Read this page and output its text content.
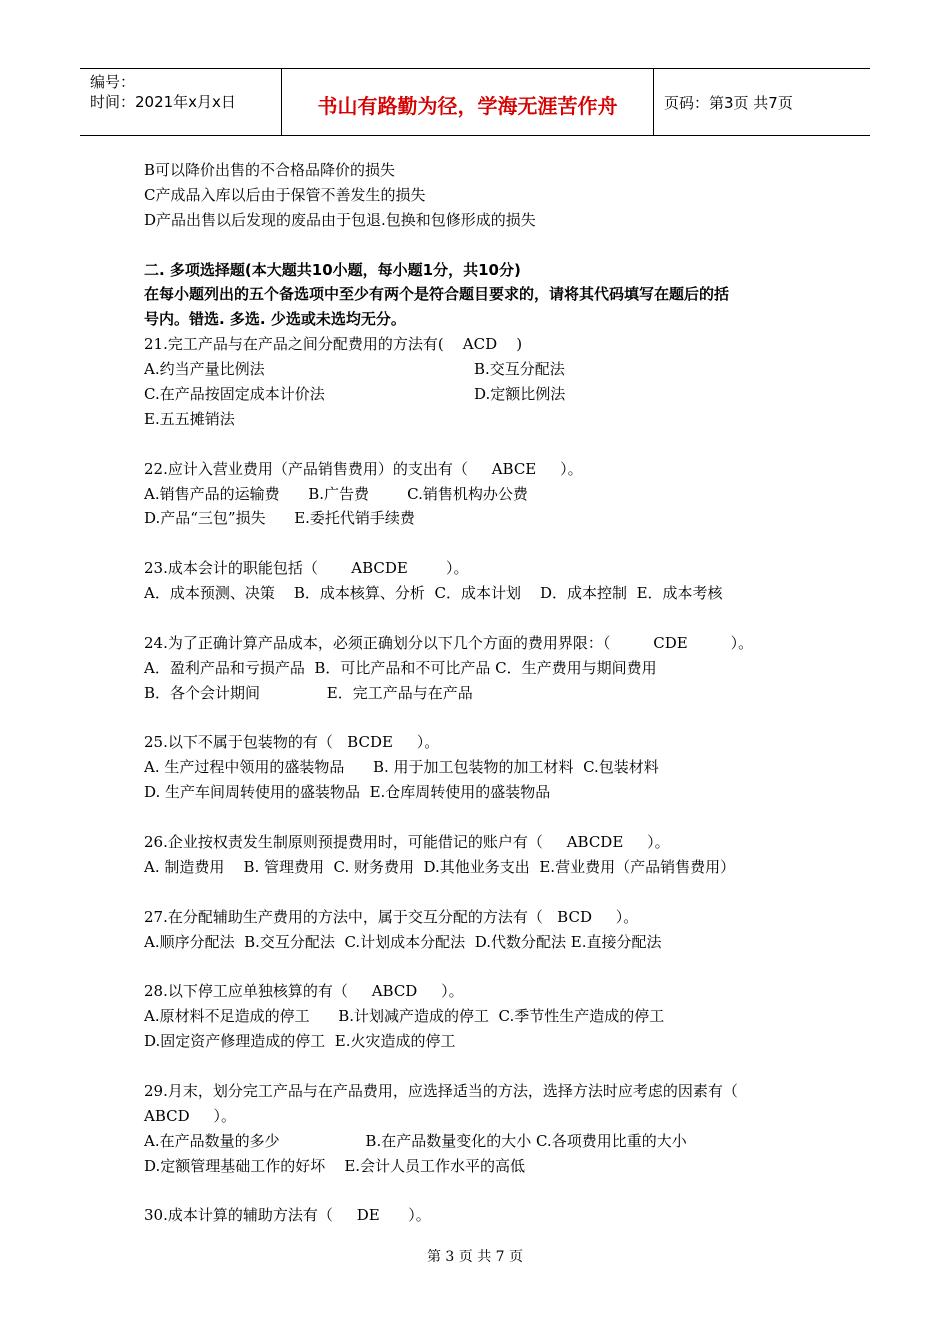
编号：
时间：2021年x月x日	书山有路勤为径，学海无涯苦作舟	页码：第3页 共7页
B可以降价出售的不合格品降价的损失
C产成品入库以后由于保管不善发生的损失
D产品出售以后发现的废品由于包退.包换和包修形成的损失
二. 多项选择题(本大题共10小题，每小题1分，共10分)
在每小题列出的五个备选项中至少有两个是符合题目要求的，请将其代码填写在题后的括
号内。错选. 多选. 少选或未选均无分。
21.完工产品与在产品之间分配费用的方法有(    ACD    )
A.约当产量比例法	B.交互分配法
C.在产品按固定成本计价法	D.定额比例法
E.五五摊销法
22.应计入营业费用（产品销售费用）的支出有（     ABCE     ）。
A.销售产品的运输费      B.广告费        C.销售机构办公费
D.产品“三包”损失      E.委托代销手续费
23.成本会计的职能包括（       ABCDE        ）。
A．成本预测、决策    B．成本核算、分析  C．成本计划    D．成本控制  E．成本考核
24.为了正确计算产品成本，必须正确划分以下几个方面的费用界限：（         CDE         ）。
A．盈利产品和亏损产品  B．可比产品和不可比产品 C．生产费用与期间费用
B．各个会计期间              E．完工产品与在产品
25.以下不属于包装物的有（   BCDE     ）。
A. 生产过程中领用的盛装物品      B. 用于加工包装物的加工材料  C.包装材料
D. 生产车间周转使用的盛装物品  E.仓库周转使用的盛装物品
26.企业按权责发生制原则预提费用时，可能借记的账户有（     ABCDE     ）。
A. 制造费用    B. 管理费用  C. 财务费用  D.其他业务支出  E.营业费用（产品销售费用）
27.在分配辅助生产费用的方法中，属于交互分配的方法有（   BCD     ）。
A.顺序分配法  B.交互分配法  C.计划成本分配法  D.代数分配法 E.直接分配法
28.以下停工应单独核算的有（     ABCD     ）。
A.原材料不足造成的停工      B.计划减产造成的停工  C.季节性生产造成的停工
D.固定资产修理造成的停工  E.火灾造成的停工
29.月末，划分完工产品与在产品费用，应选择适当的方法，选择方法时应考虑的因素有（
ABCD     ）。
A.在产品数量的多少                  B.在产品数量变化的大小 C.各项费用比重的大小
D.定额管理基础工作的好坏    E.会计人员工作水平的高低
30.成本计算的辅助方法有（     DE      ）。
第 3 页 共 7 页
